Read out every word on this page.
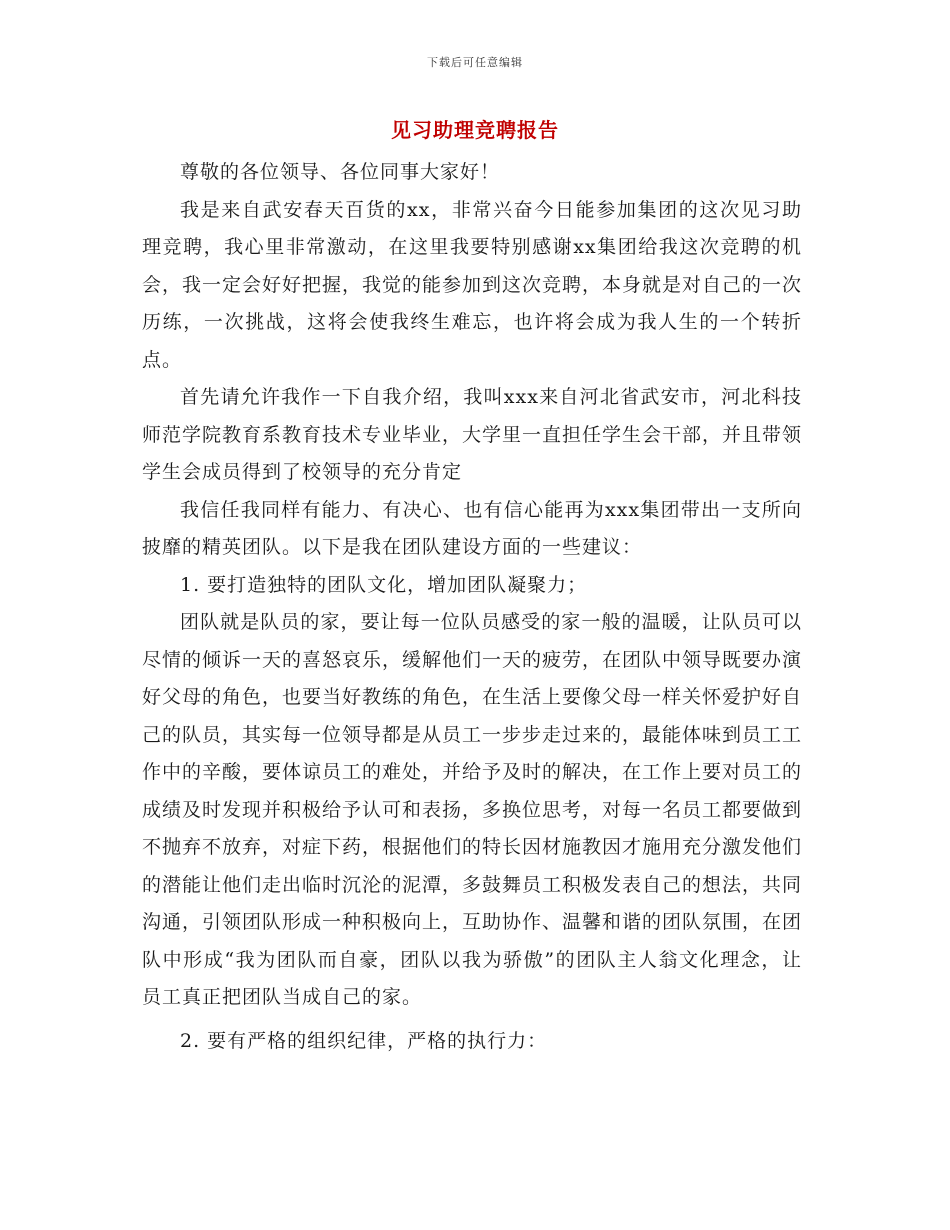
下载后可任意编辑
见习助理竞聘报告

尊敬的各位领导、各位同事大家好！

我是来自武安春天百货的xx，非常兴奋今日能参加集团的这次见习助理竞聘，我心里非常激动，在这里我要特别感谢xx集团给我这次竞聘的机会，我一定会好好把握，我觉的能参加到这次竞聘，本身就是对自己的一次历练，一次挑战，这将会使我终生难忘，也许将会成为我人生的一个转折点。

首先请允许我作一下自我介绍，我叫xxx来自河北省武安市，河北科技师范学院教育系教育技术专业毕业，大学里一直担任学生会干部，并且带领学生会成员得到了校领导的充分肯定

我信任我同样有能力、有决心、也有信心能再为xxx集团带出一支所向披靡的精英团队。以下是我在团队建设方面的一些建议：

1. 要打造独特的团队文化，增加团队凝聚力；

团队就是队员的家，要让每一位队员感受的家一般的温暖，让队员可以尽情的倾诉一天的喜怒哀乐，缓解他们一天的疲劳，在团队中领导既要办演好父母的角色，也要当好教练的角色，在生活上要像父母一样关怀爱护好自己的队员，其实每一位领导都是从员工一步步走过来的，最能体味到员工工作中的辛酸，要体谅员工的难处，并给予及时的解决，在工作上要对员工的成绩及时发现并积极给予认可和表扬，多换位思考，对每一名员工都要做到不抛弃不放弃，对症下药，根据他们的特长因材施教因才施用充分激发他们的潜能让他们走出临时沉沦的泥潭，多鼓舞员工积极发表自己的想法，共同沟通，引领团队形成一种积极向上，互助协作、温馨和谐的团队氛围，在团队中形成“我为团队而自豪，团队以我为骄傲”的团队主人翁文化理念，让员工真正把团队当成自己的家。

2. 要有严格的组织纪律，严格的执行力：
